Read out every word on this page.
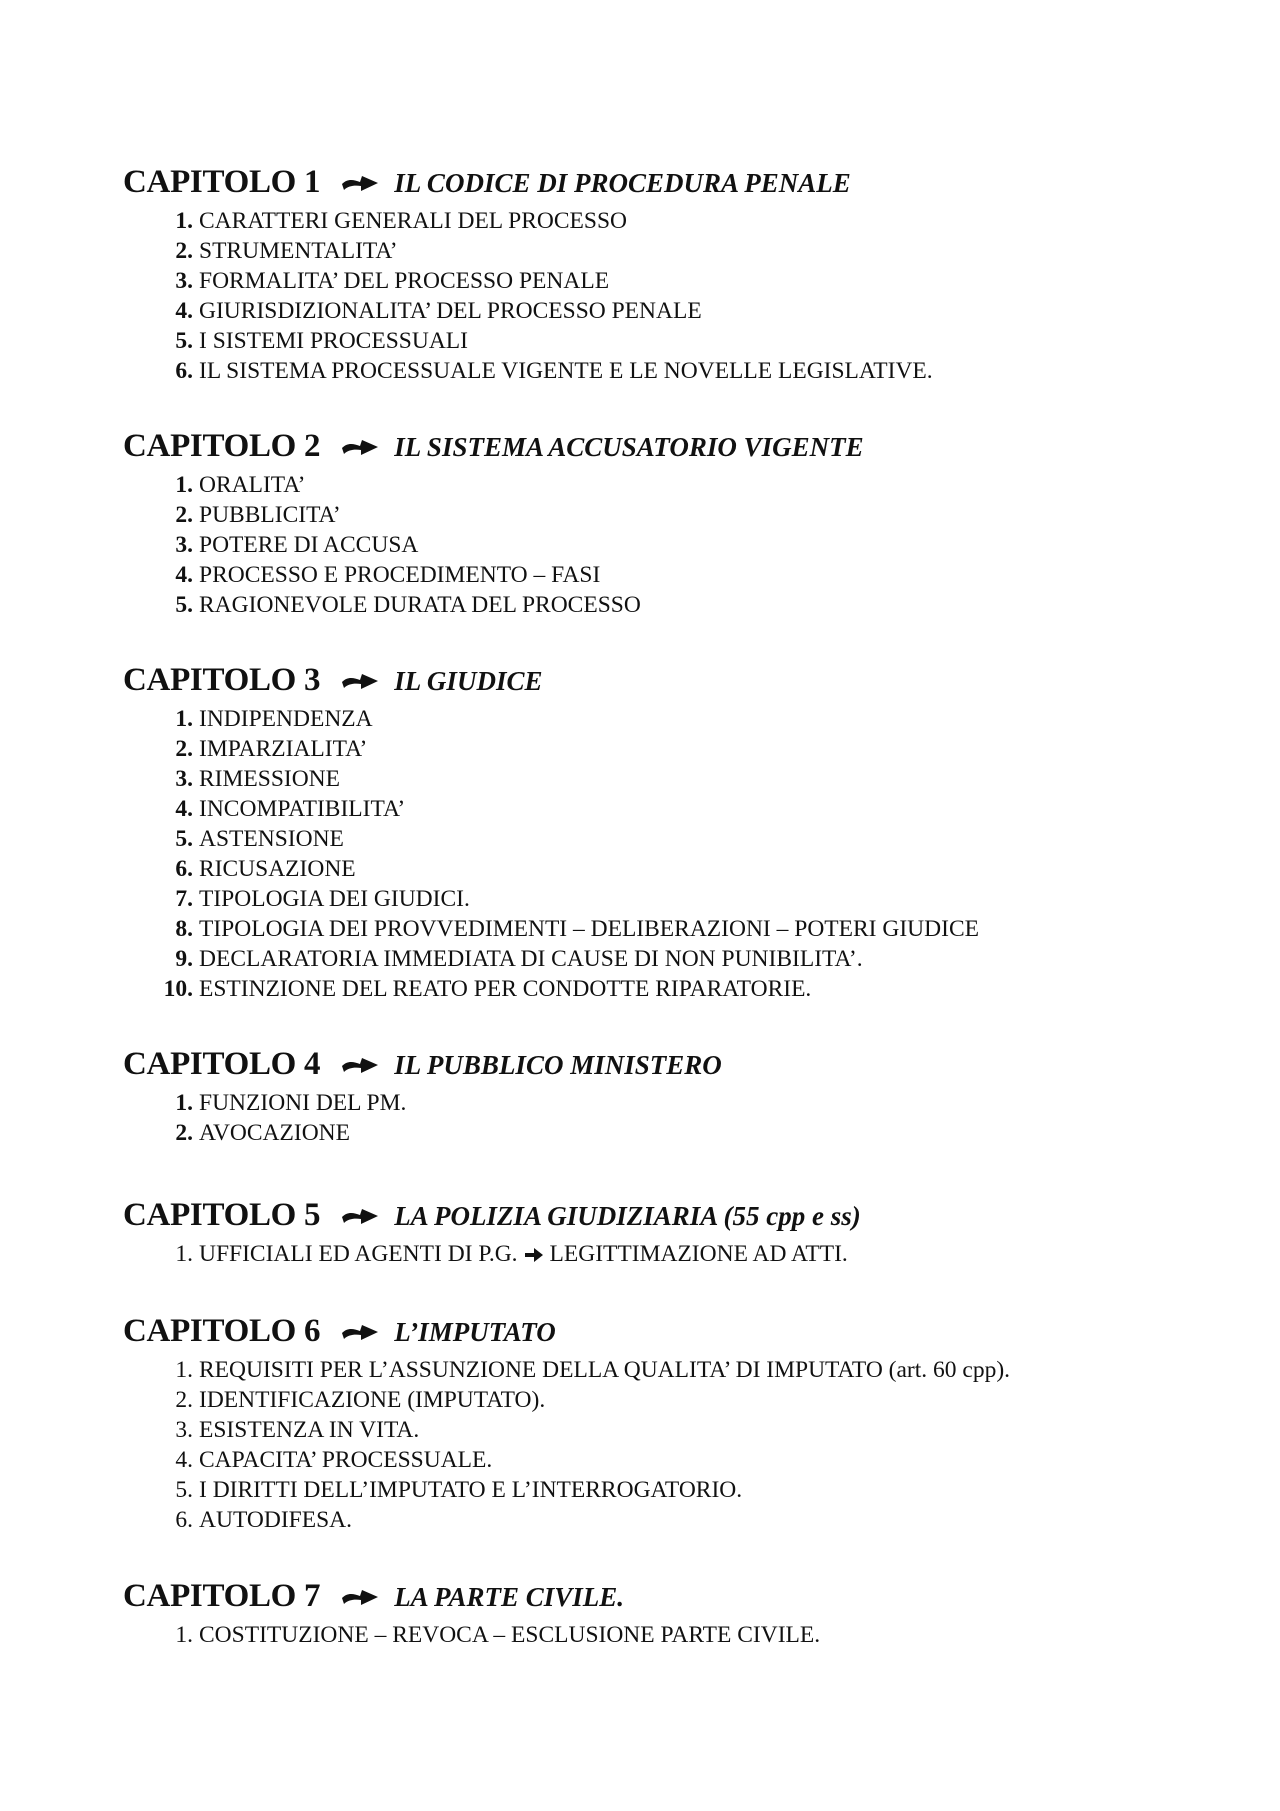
CAPITOLO 1	IL CODICE DI PROCEDURA PENALE
1. CARATTERI GENERALI DEL PROCESSO
2. STRUMENTALITA’
3. FORMALITA’ DEL PROCESSO PENALE
4. GIURISDIZIONALITA’ DEL PROCESSO PENALE
5. I SISTEMI PROCESSUALI
6. IL SISTEMA PROCESSUALE VIGENTE E LE NOVELLE LEGISLATIVE.
CAPITOLO 2	IL SISTEMA ACCUSATORIO VIGENTE
1. ORALITA’
2. PUBBLICITA’
3. POTERE DI ACCUSA
4. PROCESSO E PROCEDIMENTO – FASI
5. RAGIONEVOLE DURATA DEL PROCESSO
CAPITOLO 3	IL GIUDICE
1. INDIPENDENZA
2. IMPARZIALITA’
3. RIMESSIONE
4. INCOMPATIBILITA’
5. ASTENSIONE
6. RICUSAZIONE
7. TIPOLOGIA DEI GIUDICI.
8. TIPOLOGIA DEI PROVVEDIMENTI – DELIBERAZIONI – POTERI GIUDICE
9. DECLARATORIA IMMEDIATA DI CAUSE DI NON PUNIBILITA’.
10. ESTINZIONE DEL REATO PER CONDOTTE RIPARATORIE.
CAPITOLO 4	IL PUBBLICO MINISTERO
1. FUNZIONI DEL PM.
2. AVOCAZIONE
CAPITOLO 5	LA POLIZIA GIUDIZIARIA (55 cpp e ss)
1. UFFICIALI ED AGENTI DI P.G. LEGITTIMAZIONE AD ATTI.
CAPITOLO 6	L’IMPUTATO
1. REQUISITI PER L’ASSUNZIONE DELLA QUALITA’ DI IMPUTATO (art. 60 cpp).
2. IDENTIFICAZIONE (IMPUTATO).
3. ESISTENZA IN VITA.
4. CAPACITA’ PROCESSUALE.
5. I DIRITTI DELL’IMPUTATO E L’INTERROGATORIO.
6. AUTODIFESA.
CAPITOLO 7	LA PARTE CIVILE.
1. COSTITUZIONE – REVOCA – ESCLUSIONE PARTE CIVILE.
